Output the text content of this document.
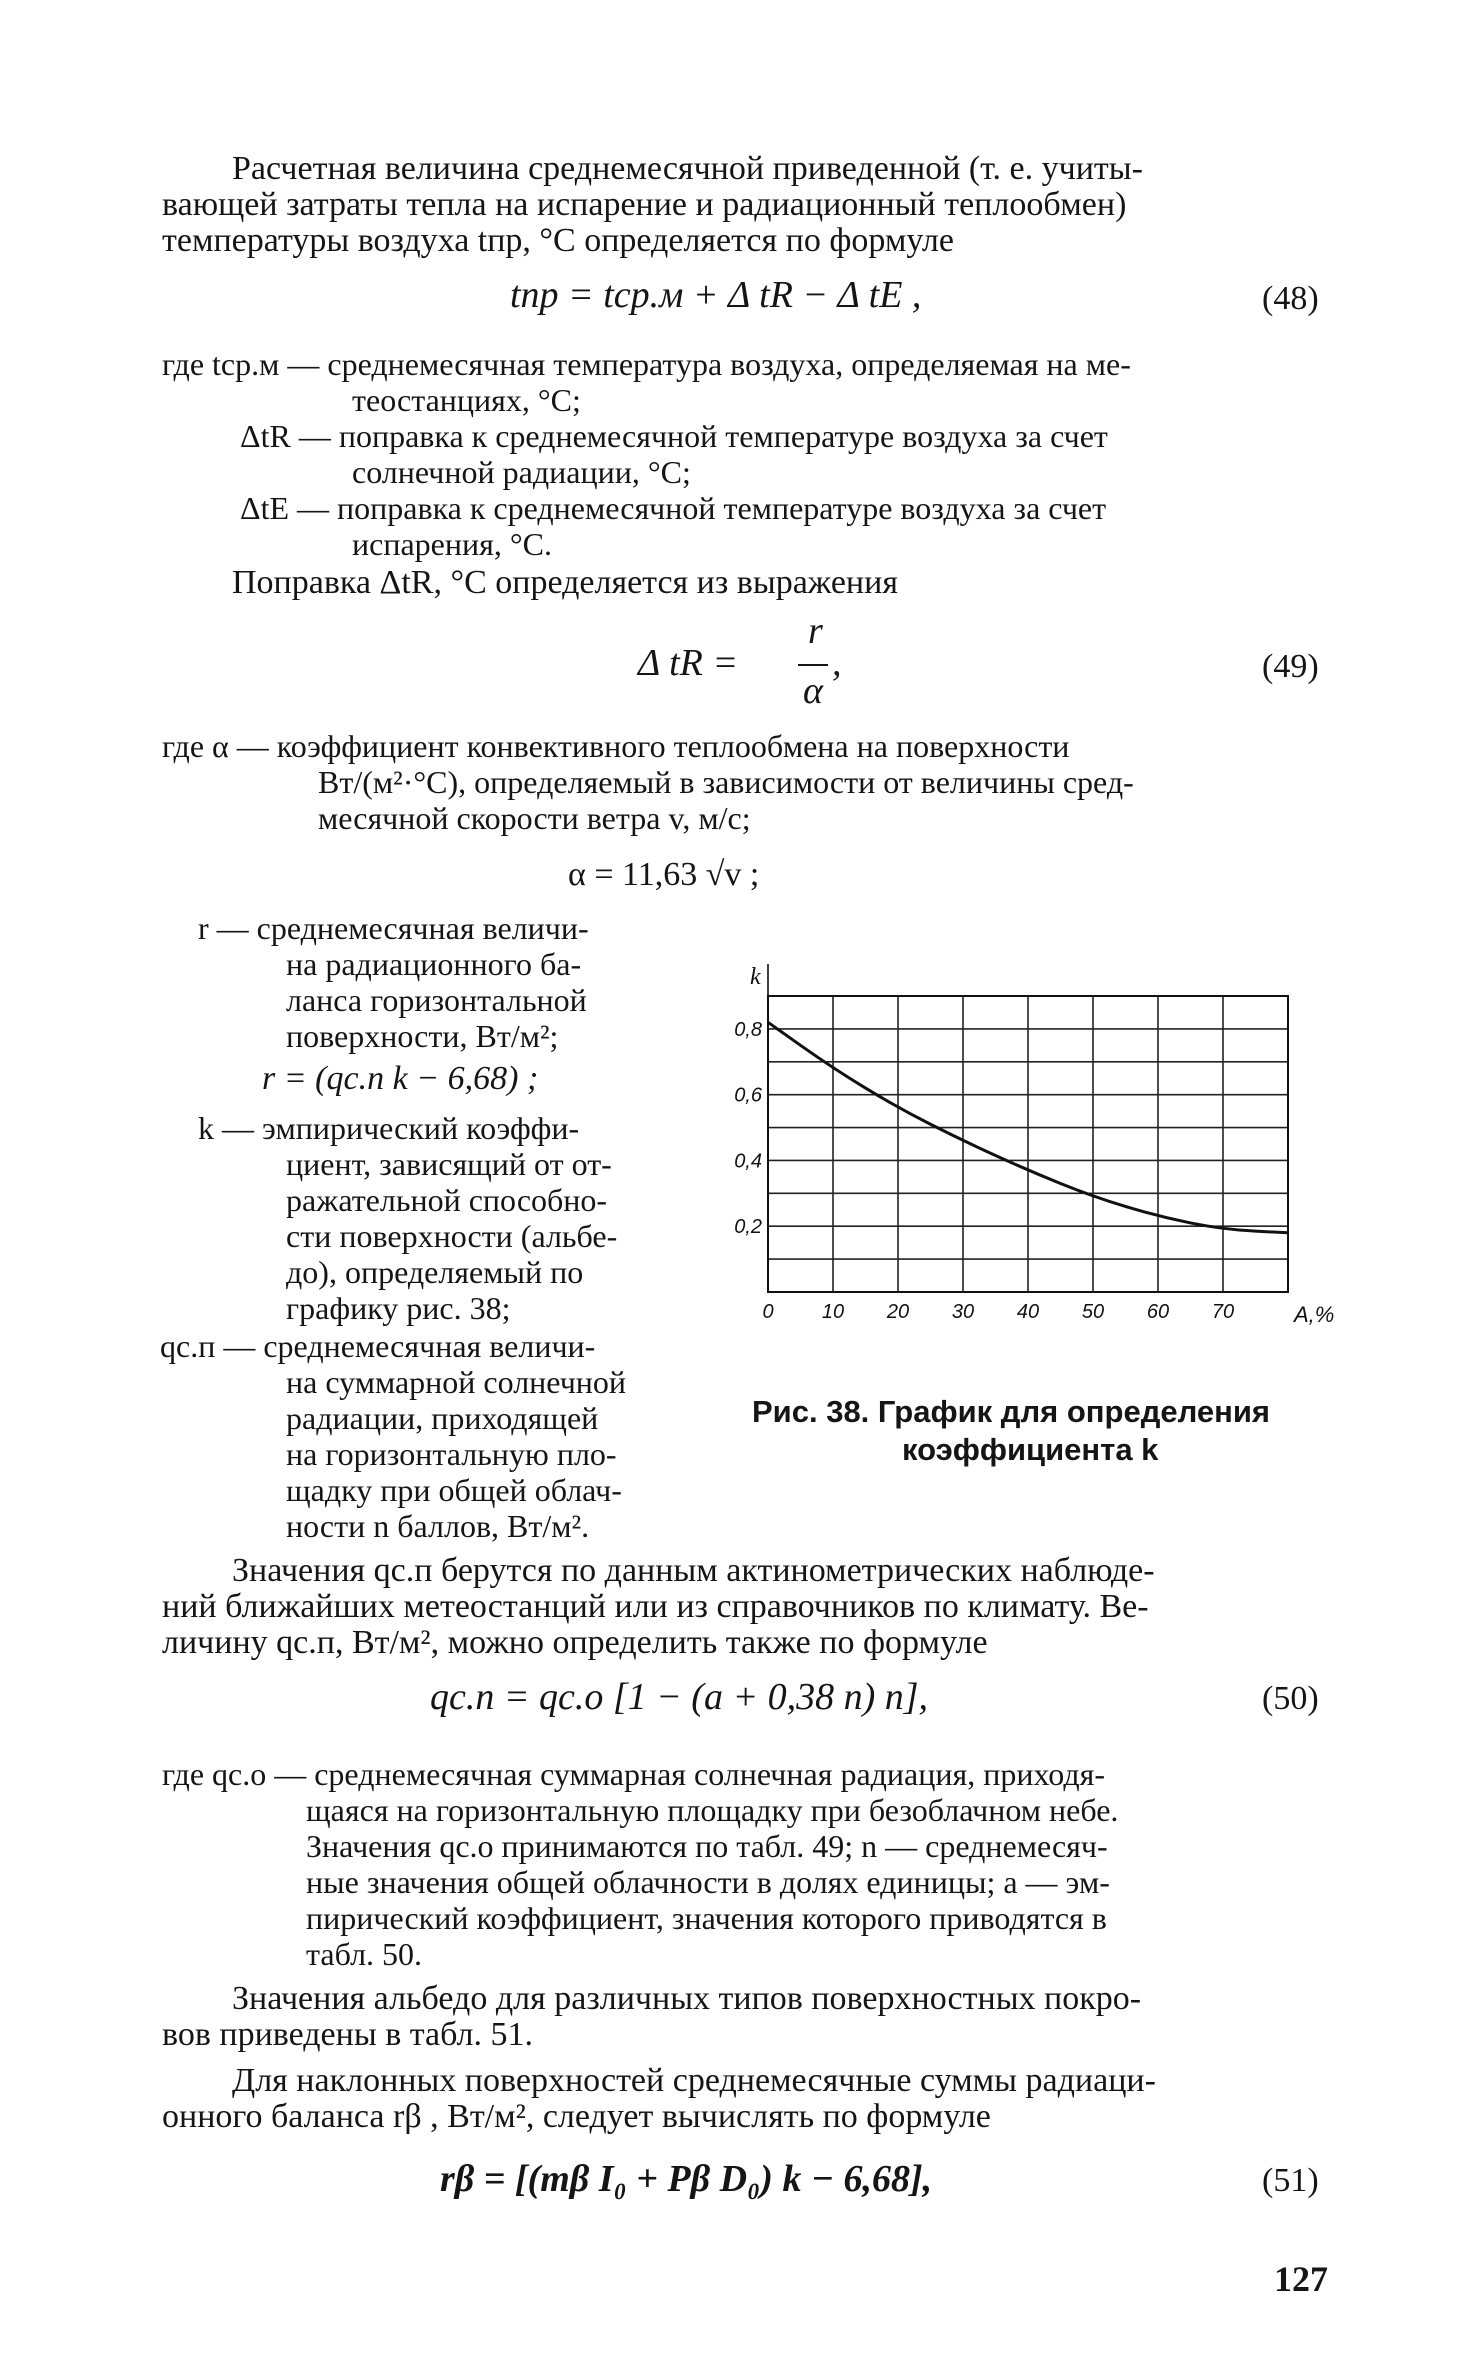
Расчетная величина среднемесячной приведенной (т. е. учиты-
вающей затраты тепла на испарение и радиационный теплообмен)
температуры воздуха tпр, °С определяется по формуле
tпр = tср.м + Δ tR − Δ tE ,	(48)
где tср.м — среднемесячная температура воздуха, определяемая на ме-
теостанциях, °С;
ΔtR — поправка к среднемесячной температуре воздуха за счет
солнечной радиации, °С;
ΔtE — поправка к среднемесячной температуре воздуха за счет
испарения, °С.
Поправка ΔtR, °С определяется из выражения
Δ tR =
r
α
,	(49)
где α — коэффициент конвективного теплообмена на поверхности
Вт/(м²·°С), определяемый в зависимости от величины сред-
месячной скорости ветра v, м/с;
α = 11,63 √v ;
r — среднемесячная величи-
на радиационного ба-
ланса горизонтальной
поверхности, Вт/м²;
r = (qс.п k − 6,68) ;
k — эмпирический коэффи-
циент, зависящий от от-
ражательной способно-
сти поверхности (альбе-
до), определяемый по
графику рис. 38;
qс.п — среднемесячная величи-
на суммарной солнечной
радиации, приходящей
на горизонтальную пло-
щадку при общей облач-
ности n баллов, Вт/м².
0 10 20 30 40 50 60 70
0,2
0,4
0,6
0,8
A,%
k
Рис. 38. График для определения
коэффициента k
Значения qс.п берутся по данным актинометрических наблюде-
ний ближайших метеостанций или из справочников по климату. Ве-
личину qс.п, Вт/м², можно определить также по формуле
qс.п = qс.о [1 − (a + 0,38 n) n],	(50)
где qс.о — среднемесячная суммарная солнечная радиация, приходя-
щаяся на горизонтальную площадку при безоблачном небе.
Значения qс.о принимаются по табл. 49; n — среднемесяч-
ные значения общей облачности в долях единицы; a — эм-
пирический коэффициент, значения которого приводятся в
табл. 50.
Значения альбедо для различных типов поверхностных покро-
вов приведены в табл. 51.
Для наклонных поверхностей среднемесячные суммы радиаци-
онного баланса rβ , Вт/м², следует вычислять по формуле
rβ = [(mβ I₀ + Pβ D₀) k − 6,68],	(51)
127
